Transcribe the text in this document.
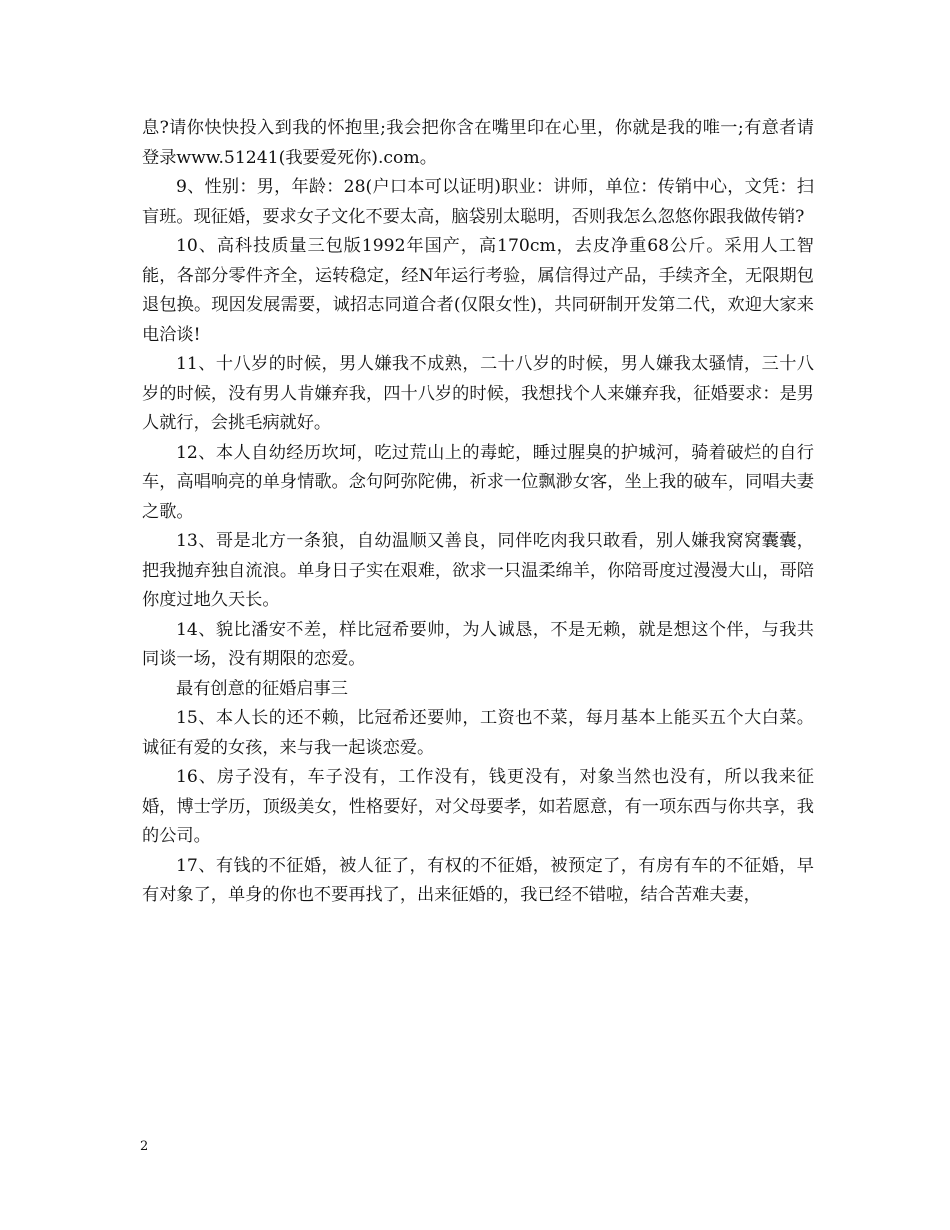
息?请你快快投入到我的怀抱里;我会把你含在嘴里印在心里，你就是我的唯一;有意者请登录www.51241(我要爱死你).com。

9、性别：男，年龄：28(户口本可以证明)职业：讲师，单位：传销中心，文凭：扫盲班。现征婚，要求女子文化不要太高，脑袋别太聪明，否则我怎么忽悠你跟我做传销?

10、高科技质量三包版1992年国产，高170cm，去皮净重68公斤。采用人工智能，各部分零件齐全，运转稳定，经N年运行考验，属信得过产品，手续齐全，无限期包退包换。现因发展需要，诚招志同道合者(仅限女性)，共同研制开发第二代，欢迎大家来电洽谈!

11、十八岁的时候，男人嫌我不成熟，二十八岁的时候，男人嫌我太骚情，三十八岁的时候，没有男人肯嫌弃我，四十八岁的时候，我想找个人来嫌弃我，征婚要求：是男人就行，会挑毛病就好。

12、本人自幼经历坎坷，吃过荒山上的毒蛇，睡过腥臭的护城河，骑着破烂的自行车，高唱响亮的单身情歌。念句阿弥陀佛，祈求一位飘渺女客，坐上我的破车，同唱夫妻之歌。

13、哥是北方一条狼，自幼温顺又善良，同伴吃肉我只敢看，别人嫌我窝窝囊囊，把我抛弃独自流浪。单身日子实在艰难，欲求一只温柔绵羊，你陪哥度过漫漫大山，哥陪你度过地久天长。

14、貌比潘安不差，样比冠希要帅，为人诚恳，不是无赖，就是想这个伴，与我共同谈一场，没有期限的恋爱。

最有创意的征婚启事三

15、本人长的还不赖，比冠希还要帅，工资也不菜，每月基本上能买五个大白菜。诚征有爱的女孩，来与我一起谈恋爱。

16、房子没有，车子没有，工作没有，钱更没有，对象当然也没有，所以我来征婚，博士学历，顶级美女，性格要好，对父母要孝，如若愿意，有一项东西与你共享，我的公司。

17、有钱的不征婚，被人征了，有权的不征婚，被预定了，有房有车的不征婚，早有对象了，单身的你也不要再找了，出来征婚的，我已经不错啦，结合苦难夫妻，

2
